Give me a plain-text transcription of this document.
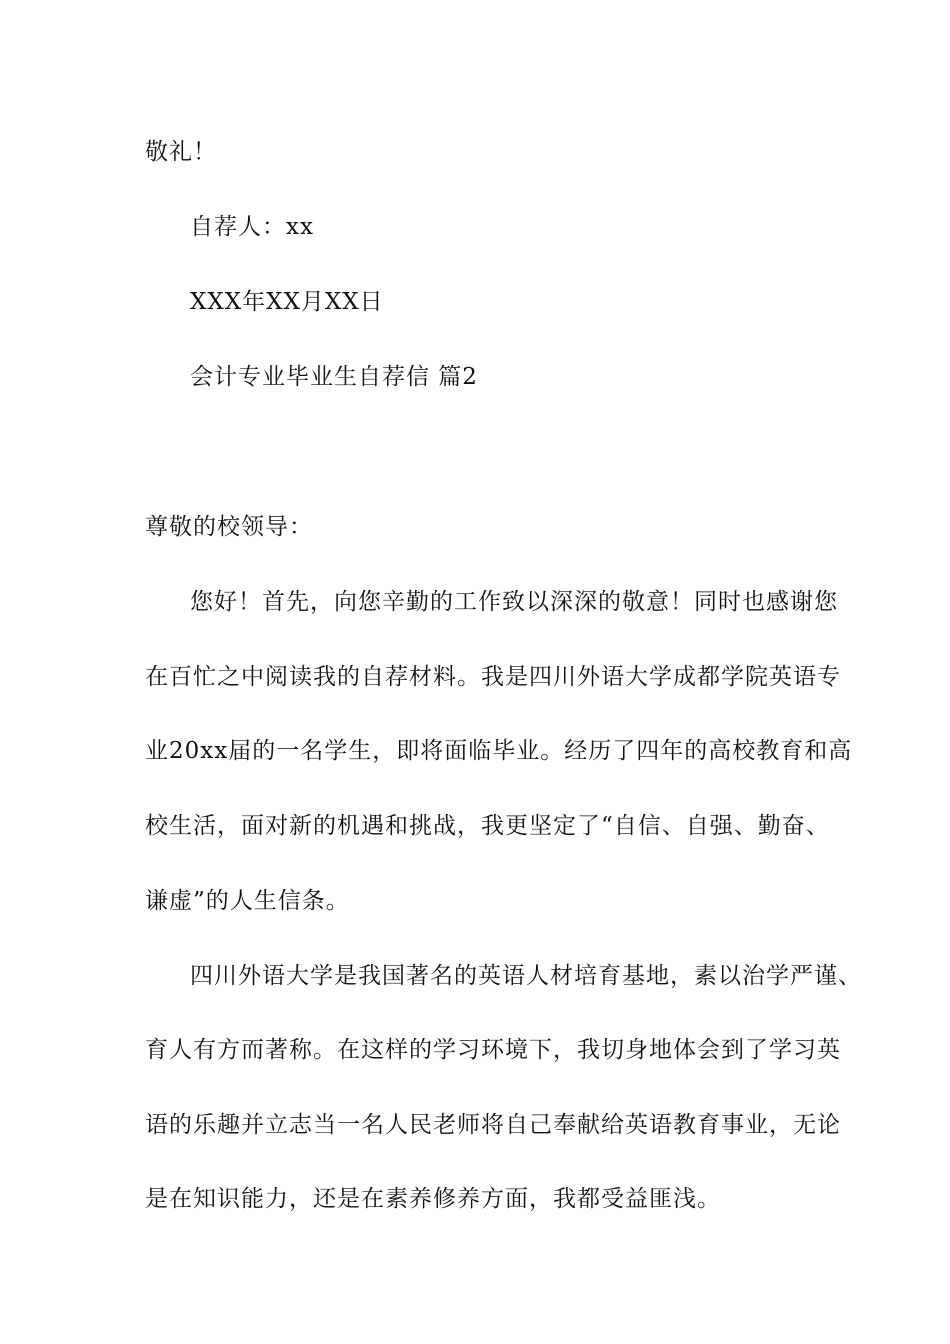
敬礼！
自荐人：xx
XXX年XX月XX日
会计专业毕业生自荐信 篇2
尊敬的校领导：
您好！首先，向您辛勤的工作致以深深的敬意！同时也感谢您
在百忙之中阅读我的自荐材料。我是四川外语大学成都学院英语专
业20xx届的一名学生，即将面临毕业。经历了四年的高校教育和高
校生活，面对新的机遇和挑战，我更坚定了“自信、自强、勤奋、
谦虚”的人生信条。
四川外语大学是我国著名的英语人材培育基地，素以治学严谨、
育人有方而著称。在这样的学习环境下，我切身地体会到了学习英
语的乐趣并立志当一名人民老师将自己奉献给英语教育事业，无论
是在知识能力，还是在素养修养方面，我都受益匪浅。
